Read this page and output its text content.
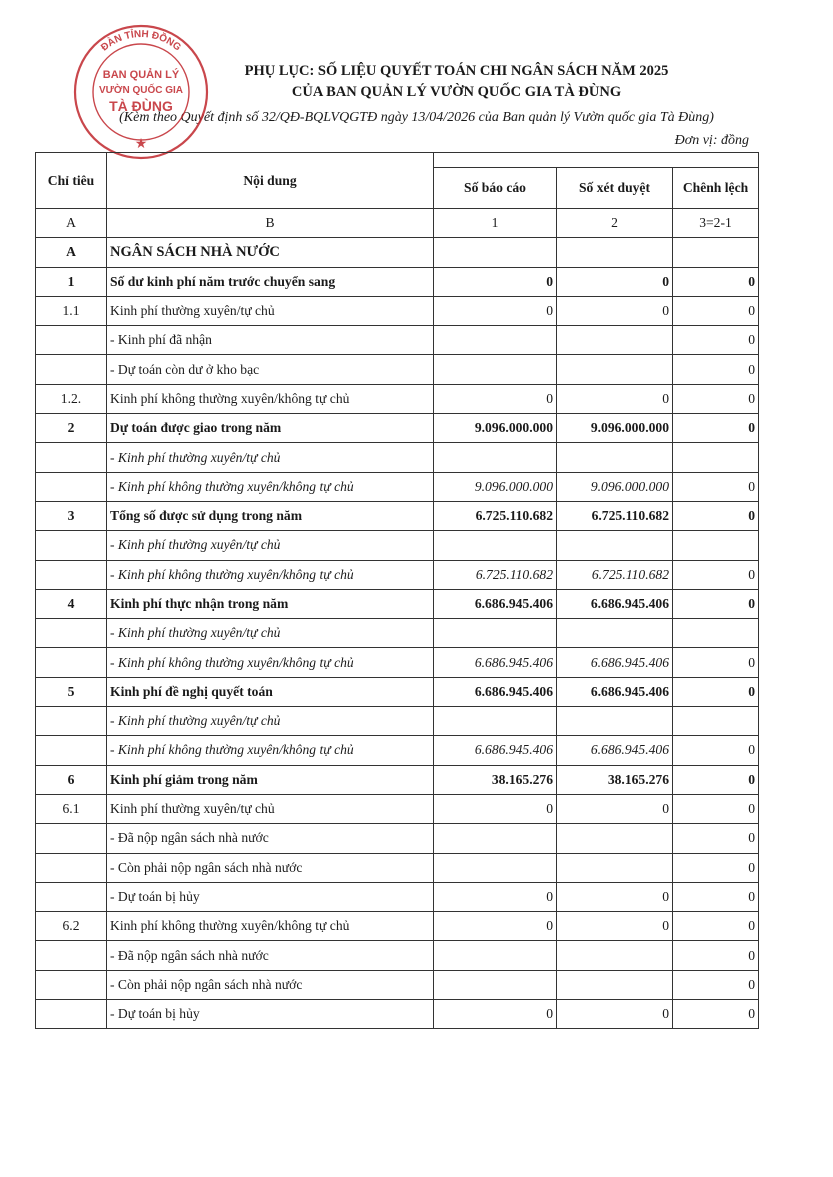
PHỤ LỤC: SỐ LIỆU QUYẾT TOÁN CHI NGÂN SÁCH NĂM 2025
CỦA BAN QUẢN LÝ VƯỜN QUỐC GIA TÀ ĐÙNG
(Kèm theo Quyết định số 32/QĐ-BQLVQGTĐ ngày 13/04/2026 của Ban quản lý Vườn quốc gia Tà Đùng)
Đơn vị: đồng
ĐÀN TỈNH ĐỒNG
BAN QUẢN LÝ
VƯỜN QUỐC GIA
TÀ ĐÙNG
★
Chỉ tiêu	Nội dung			
		Số báo cáo	Số xét duyệt	Chênh lệch
A	B	1	2	3=2-1
A	NGÂN SÁCH NHÀ NƯỚC			
1	Số dư kinh phí năm trước chuyển sang	0	0	0
1.1	Kinh phí thường xuyên/tự chủ	0	0	0
	- Kinh phí đã nhận			0
	- Dự toán còn dư ở kho bạc			0
1.2.	Kinh phí không thường xuyên/không tự chủ	0	0	0
2	Dự toán được giao trong năm	9.096.000.000	9.096.000.000	0
	- Kinh phí thường xuyên/tự chủ			
	- Kinh phí không thường xuyên/không tự chủ	9.096.000.000	9.096.000.000	0
3	Tổng số được sử dụng trong năm	6.725.110.682	6.725.110.682	0
	- Kinh phí thường xuyên/tự chủ			
	- Kinh phí không thường xuyên/không tự chủ	6.725.110.682	6.725.110.682	0
4	Kinh phí thực nhận trong năm	6.686.945.406	6.686.945.406	0
	- Kinh phí thường xuyên/tự chủ			
	- Kinh phí không thường xuyên/không tự chủ	6.686.945.406	6.686.945.406	0
5	Kinh phí đề nghị quyết toán	6.686.945.406	6.686.945.406	0
	- Kinh phí thường xuyên/tự chủ			
	- Kinh phí không thường xuyên/không tự chủ	6.686.945.406	6.686.945.406	0
6	Kinh phí giảm trong năm	38.165.276	38.165.276	0
6.1	Kinh phí thường xuyên/tự chủ	0	0	0
	- Đã nộp ngân sách nhà nước			0
	- Còn phải nộp ngân sách nhà nước			0
	- Dự toán bị hủy	0	0	0
6.2	Kinh phí không thường xuyên/không tự chủ	0	0	0
	- Đã nộp ngân sách nhà nước			0
	- Còn phải nộp ngân sách nhà nước			0
	- Dự toán bị hủy	0	0	0
